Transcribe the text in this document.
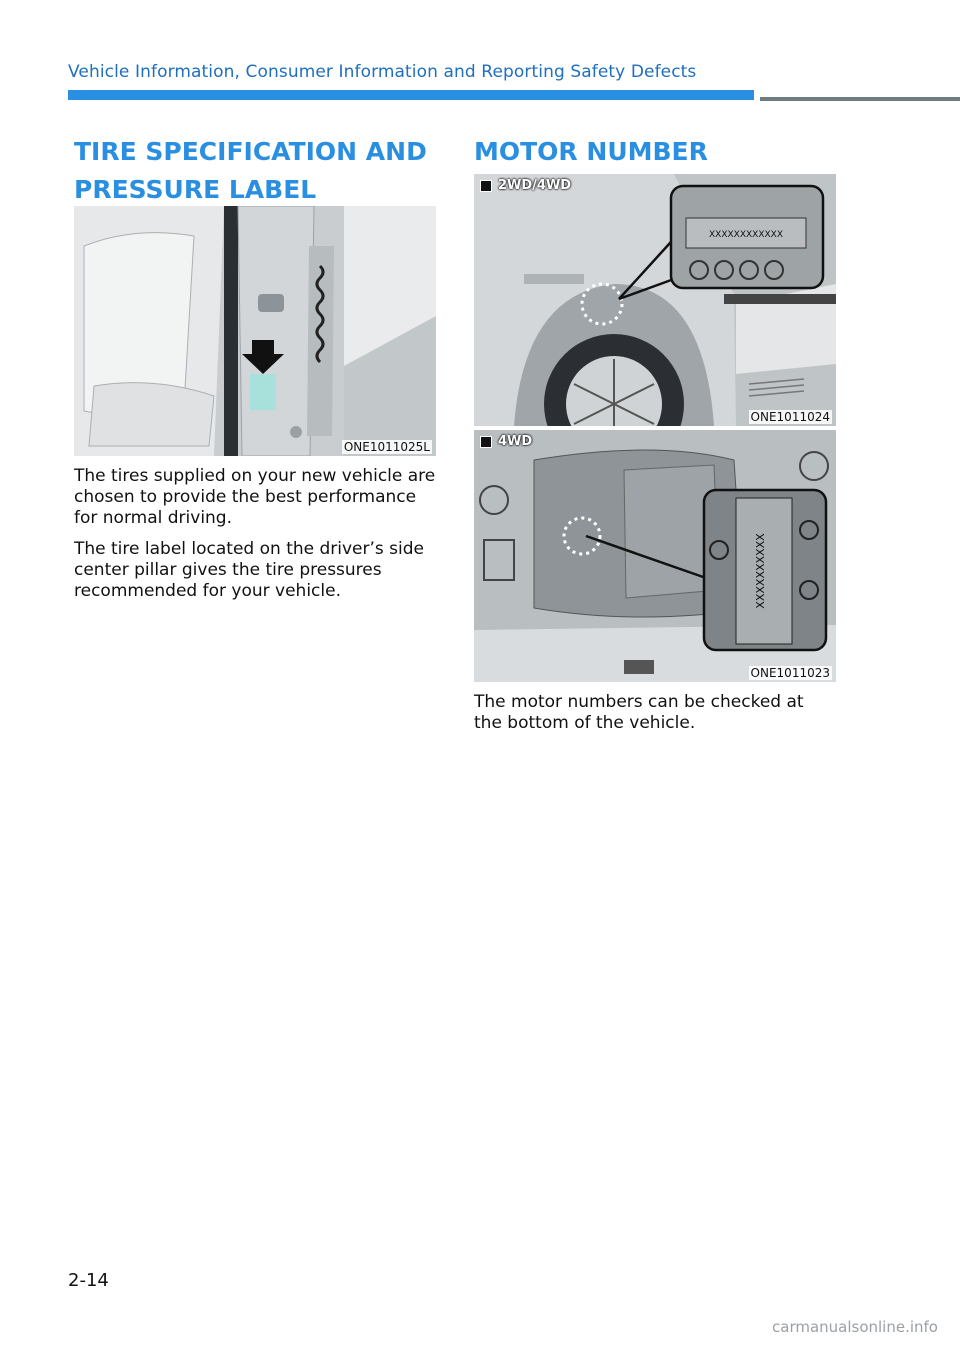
Vehicle Information, Consumer Information and Reporting Safety Defects
TIRE SPECIFICATION AND
PRESSURE LABEL
ONE1011025L

The tires supplied on your new vehicle are chosen to provide the best performance for normal driving.

The tire label located on the driver’s side center pillar gives the tire pressures recommended for your vehicle.

MOTOR NUMBER
XXXXXXXXXXXX
2WD/4WD
ONE1011024
XXXXXXXXXX
4WD
ONE1011023

The motor numbers can be checked at the bottom of the vehicle.

2-14
carmanualsonline.info
